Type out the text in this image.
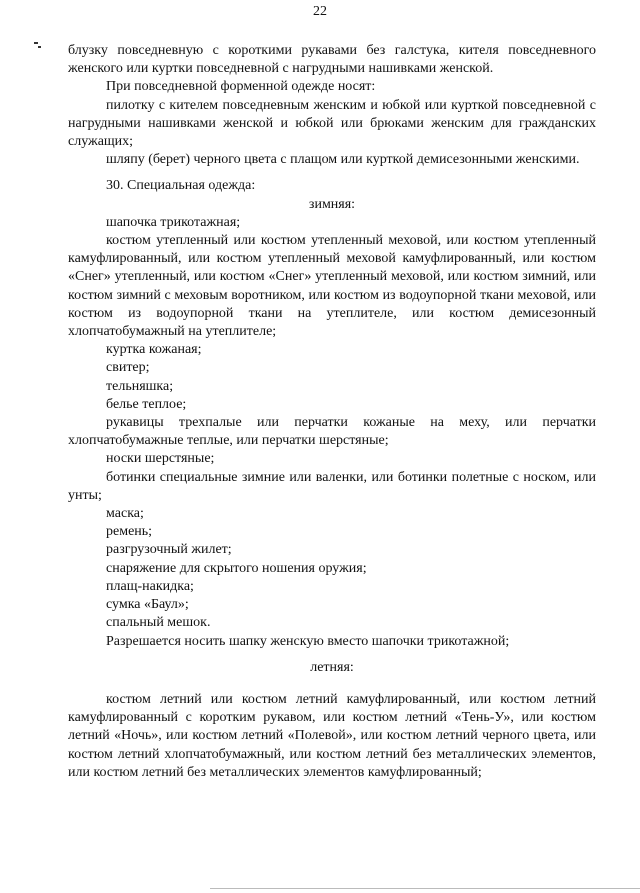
22

блузку повседневную с короткими рукавами без галстука, кителя повседневного женского или куртки повседневной с нагрудными нашивками женской.

При повседневной форменной одежде носят:

пилотку с кителем повседневным женским и юбкой или курткой повседневной с нагрудными нашивками женской и юбкой или брюками женским для гражданских служащих;

шляпу (берет) черного цвета с плащом или курткой демисезонными женскими.

30. Специальная одежда:

зимняя:

шапочка трикотажная;

костюм утепленный или костюм утепленный меховой, или костюм утепленный камуфлированный, или костюм утепленный меховой камуфлированный, или костюм «Снег» утепленный, или костюм «Снег» утепленный меховой, или костюм зимний, или костюм зимний с меховым воротником, или костюм из водоупорной ткани меховой, или костюм из водоупорной ткани на утеплителе, или костюм демисезонный хлопчатобумажный на утеплителе;

куртка кожаная;

свитер;

тельняшка;

белье теплое;

рукавицы трехпалые или перчатки кожаные на меху, или перчатки хлопчатобумажные теплые, или перчатки шерстяные;

носки шерстяные;

ботинки специальные зимние или валенки, или ботинки полетные с носком, или унты;

маска;

ремень;

разгрузочный жилет;

снаряжение для скрытого ношения оружия;

плащ-накидка;

сумка «Баул»;

спальный мешок.

Разрешается носить шапку женскую вместо шапочки трикотажной;

летняя:

костюм летний или костюм летний камуфлированный, или костюм летний камуфлированный с коротким рукавом, или костюм летний «Тень-У», или костюм летний «Ночь», или костюм летний «Полевой», или костюм летний черного цвета, или костюм летний хлопчатобумажный, или костюм летний без металлических элементов, или костюм летний без металлических элементов камуфлированный;
